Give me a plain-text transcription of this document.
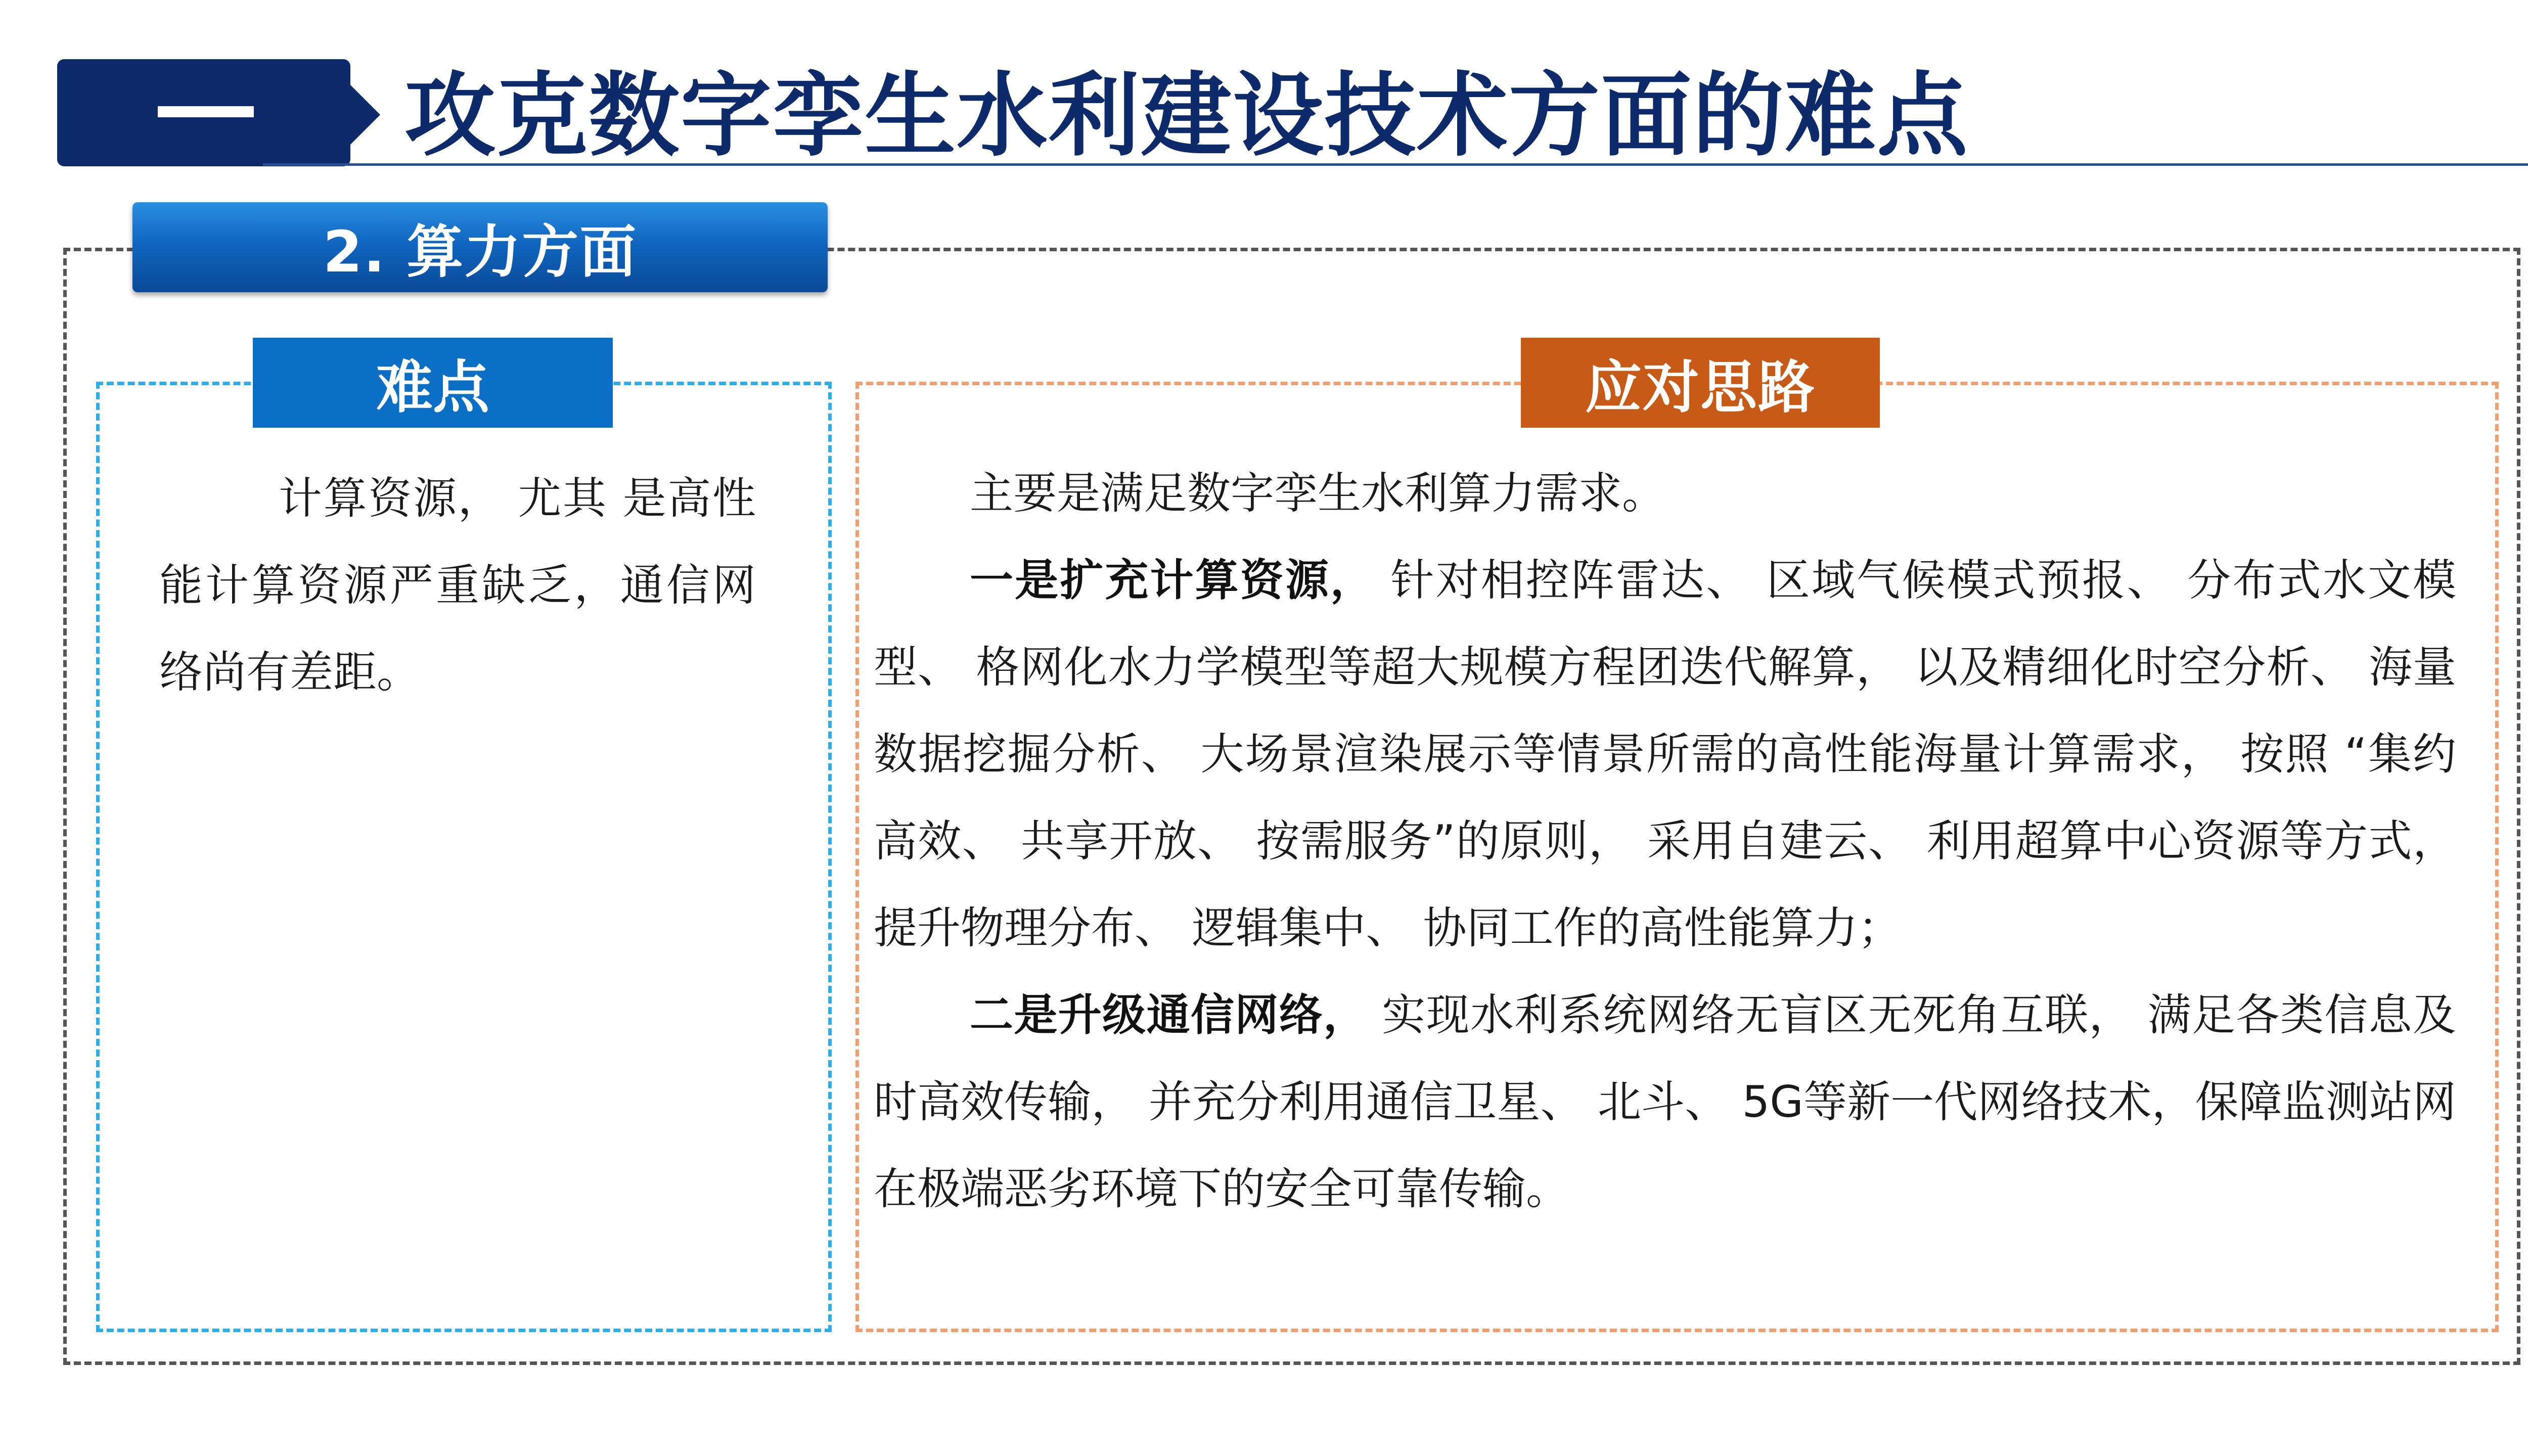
攻克数字孪生水利建设技术方面的难点
2. 算力方面
难点
计算资源， 尤其 是高性能计算资源严重缺乏，通信网络尚有差距。
应对思路

主要是满足数字孪生水利算力需求。

一是扩充计算资源， 针对相控阵雷达、 区域气候模式预报、 分布式水文模型、 格网化水力学模型等超大规模方程团迭代解算， 以及精细化时空分析、 海量数据挖掘分析、 大场景渲染展示等情景所需的高性能海量计算需求， 按照 “集约高效、 共享开放、 按需服务”的原则， 采用自建云、 利用超算中心资源等方式， 提升物理分布、 逻辑集中、 协同工作的高性能算力；

二是升级通信网络， 实现水利系统网络无盲区无死角互联， 满足各类信息及时高效传输， 并充分利用通信卫星、 北斗、 5G等新一代网络技术，保障监测站网在极端恶劣环境下的安全可靠传输。
